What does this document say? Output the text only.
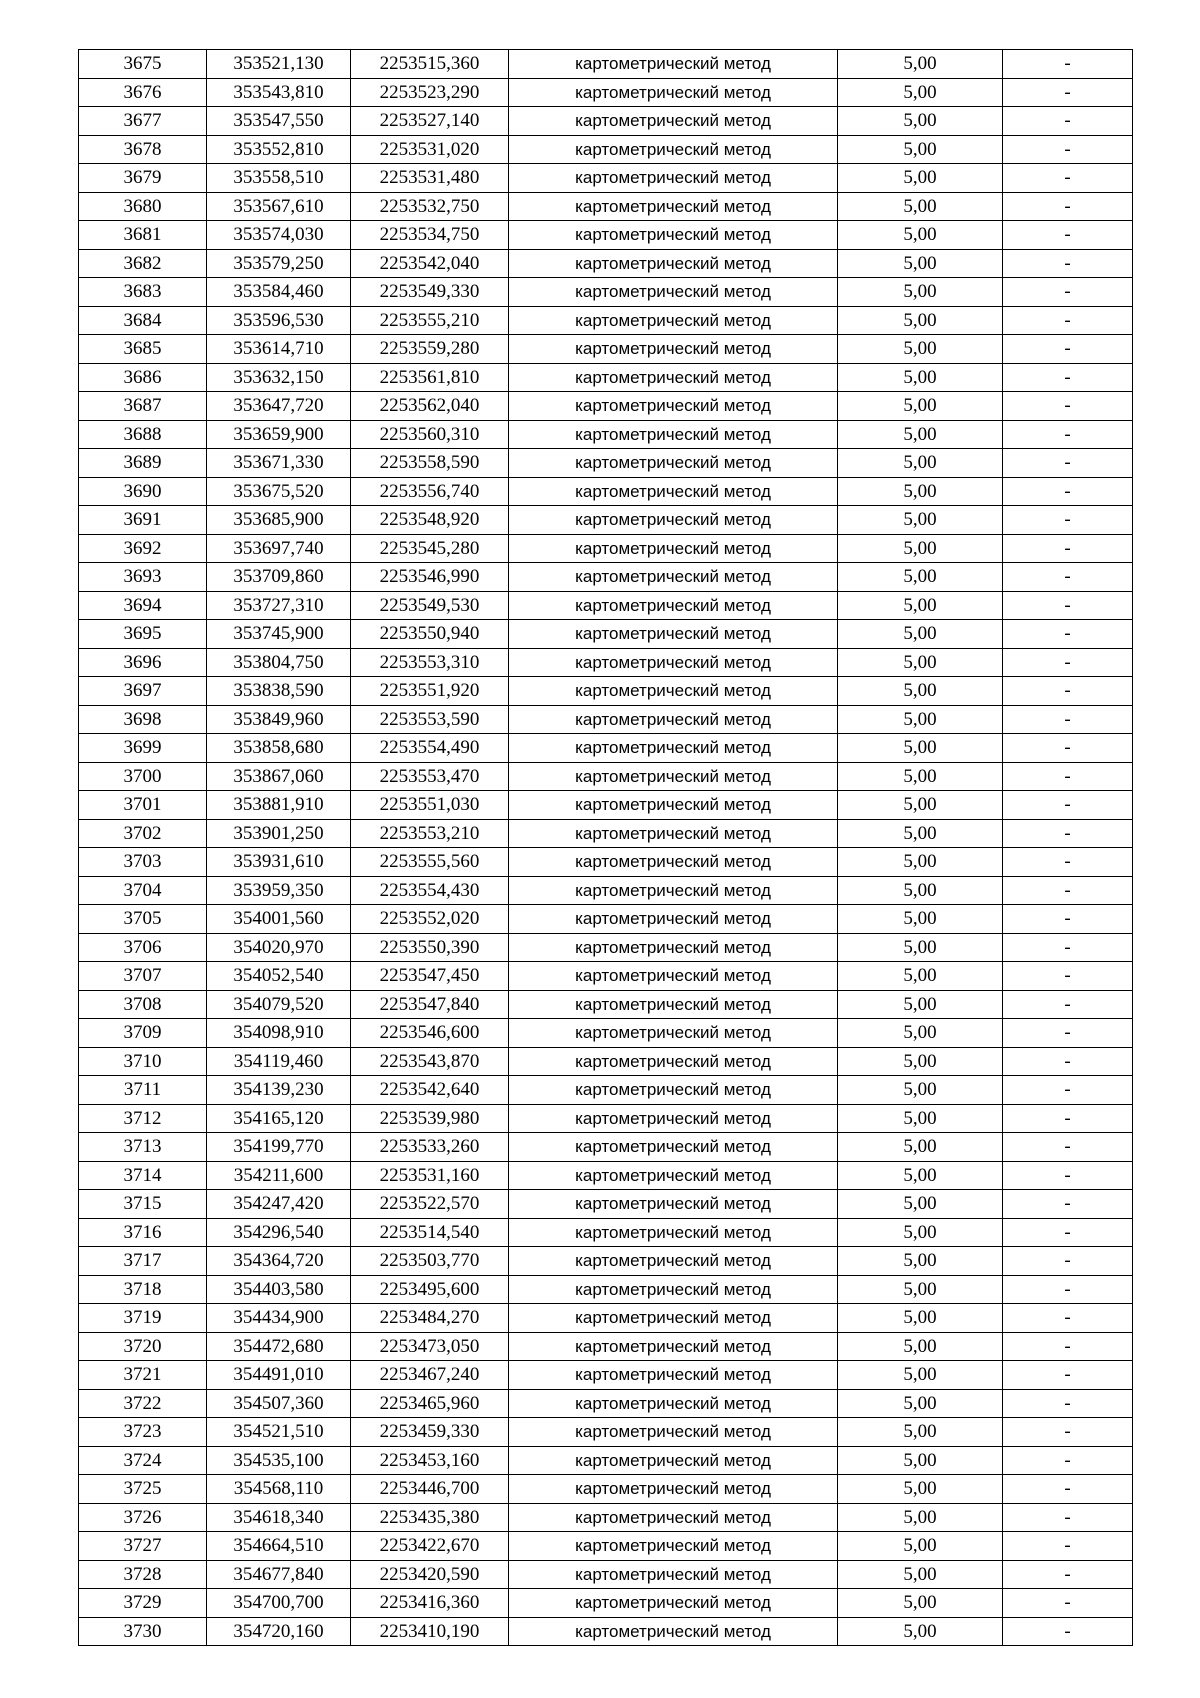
3675	353521,130	2253515,360	картометрический метод	5,00	-
3676	353543,810	2253523,290	картометрический метод	5,00	-
3677	353547,550	2253527,140	картометрический метод	5,00	-
3678	353552,810	2253531,020	картометрический метод	5,00	-
3679	353558,510	2253531,480	картометрический метод	5,00	-
3680	353567,610	2253532,750	картометрический метод	5,00	-
3681	353574,030	2253534,750	картометрический метод	5,00	-
3682	353579,250	2253542,040	картометрический метод	5,00	-
3683	353584,460	2253549,330	картометрический метод	5,00	-
3684	353596,530	2253555,210	картометрический метод	5,00	-
3685	353614,710	2253559,280	картометрический метод	5,00	-
3686	353632,150	2253561,810	картометрический метод	5,00	-
3687	353647,720	2253562,040	картометрический метод	5,00	-
3688	353659,900	2253560,310	картометрический метод	5,00	-
3689	353671,330	2253558,590	картометрический метод	5,00	-
3690	353675,520	2253556,740	картометрический метод	5,00	-
3691	353685,900	2253548,920	картометрический метод	5,00	-
3692	353697,740	2253545,280	картометрический метод	5,00	-
3693	353709,860	2253546,990	картометрический метод	5,00	-
3694	353727,310	2253549,530	картометрический метод	5,00	-
3695	353745,900	2253550,940	картометрический метод	5,00	-
3696	353804,750	2253553,310	картометрический метод	5,00	-
3697	353838,590	2253551,920	картометрический метод	5,00	-
3698	353849,960	2253553,590	картометрический метод	5,00	-
3699	353858,680	2253554,490	картометрический метод	5,00	-
3700	353867,060	2253553,470	картометрический метод	5,00	-
3701	353881,910	2253551,030	картометрический метод	5,00	-
3702	353901,250	2253553,210	картометрический метод	5,00	-
3703	353931,610	2253555,560	картометрический метод	5,00	-
3704	353959,350	2253554,430	картометрический метод	5,00	-
3705	354001,560	2253552,020	картометрический метод	5,00	-
3706	354020,970	2253550,390	картометрический метод	5,00	-
3707	354052,540	2253547,450	картометрический метод	5,00	-
3708	354079,520	2253547,840	картометрический метод	5,00	-
3709	354098,910	2253546,600	картометрический метод	5,00	-
3710	354119,460	2253543,870	картометрический метод	5,00	-
3711	354139,230	2253542,640	картометрический метод	5,00	-
3712	354165,120	2253539,980	картометрический метод	5,00	-
3713	354199,770	2253533,260	картометрический метод	5,00	-
3714	354211,600	2253531,160	картометрический метод	5,00	-
3715	354247,420	2253522,570	картометрический метод	5,00	-
3716	354296,540	2253514,540	картометрический метод	5,00	-
3717	354364,720	2253503,770	картометрический метод	5,00	-
3718	354403,580	2253495,600	картометрический метод	5,00	-
3719	354434,900	2253484,270	картометрический метод	5,00	-
3720	354472,680	2253473,050	картометрический метод	5,00	-
3721	354491,010	2253467,240	картометрический метод	5,00	-
3722	354507,360	2253465,960	картометрический метод	5,00	-
3723	354521,510	2253459,330	картометрический метод	5,00	-
3724	354535,100	2253453,160	картометрический метод	5,00	-
3725	354568,110	2253446,700	картометрический метод	5,00	-
3726	354618,340	2253435,380	картометрический метод	5,00	-
3727	354664,510	2253422,670	картометрический метод	5,00	-
3728	354677,840	2253420,590	картометрический метод	5,00	-
3729	354700,700	2253416,360	картометрический метод	5,00	-
3730	354720,160	2253410,190	картометрический метод	5,00	-
